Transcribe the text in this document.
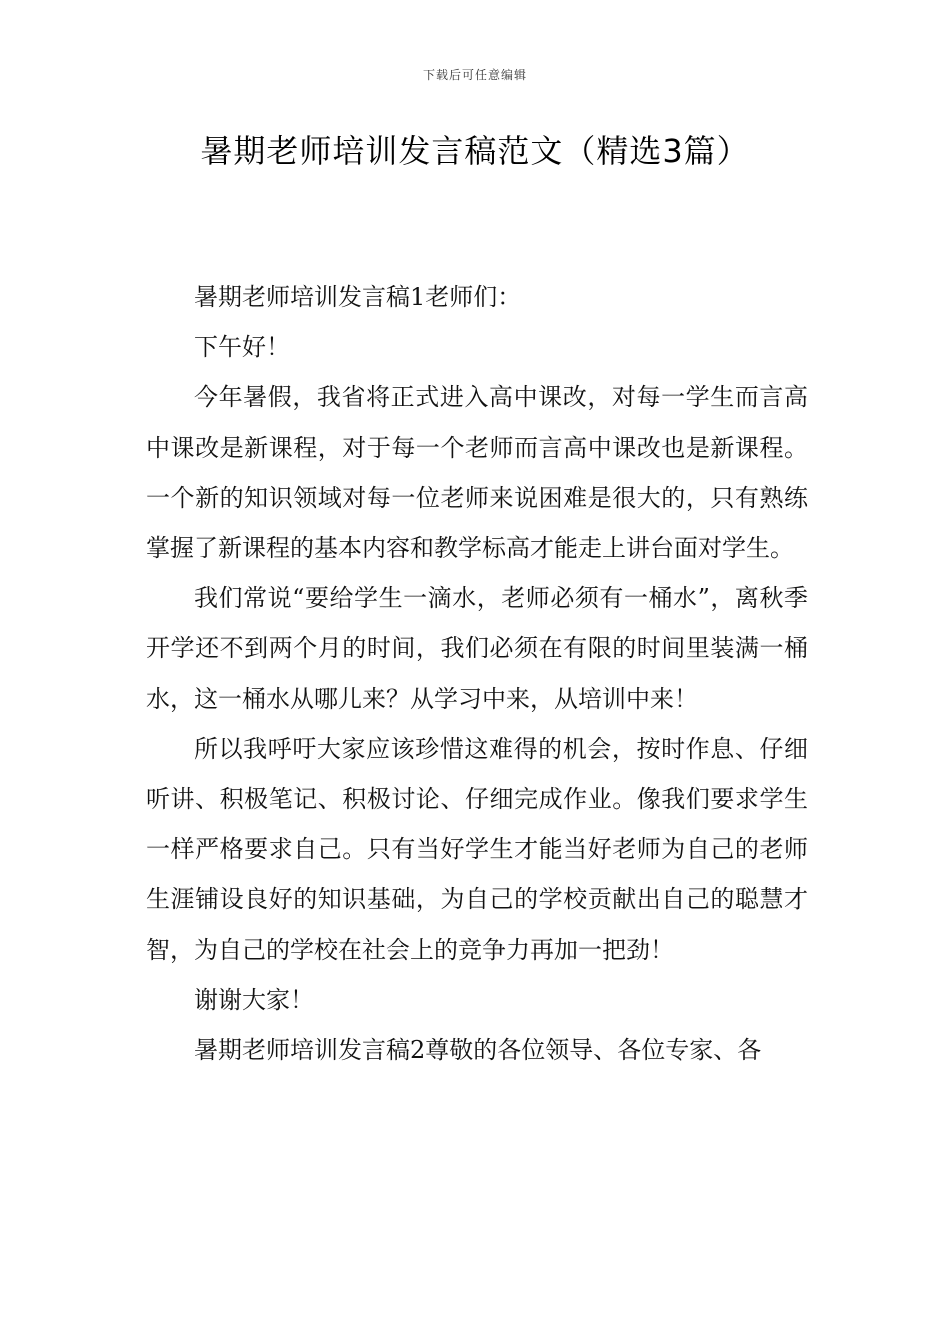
下载后可任意编辑
暑期老师培训发言稿范文（精选3篇）

暑期老师培训发言稿1老师们：

下午好！

今年暑假，我省将正式进入高中课改，对每一学生而言高中课改是新课程，对于每一个老师而言高中课改也是新课程。一个新的知识领域对每一位老师来说困难是很大的，只有熟练掌握了新课程的基本内容和教学标高才能走上讲台面对学生。

我们常说“要给学生一滴水，老师必须有一桶水”，离秋季开学还不到两个月的时间，我们必须在有限的时间里装满一桶水，这一桶水从哪儿来？从学习中来，从培训中来！

所以我呼吁大家应该珍惜这难得的机会，按时作息、仔细听讲、积极笔记、积极讨论、仔细完成作业。像我们要求学生一样严格要求自己。只有当好学生才能当好老师为自己的老师生涯铺设良好的知识基础，为自己的学校贡献出自己的聪慧才智，为自己的学校在社会上的竞争力再加一把劲！

谢谢大家！

暑期老师培训发言稿2尊敬的各位领导、各位专家、各
